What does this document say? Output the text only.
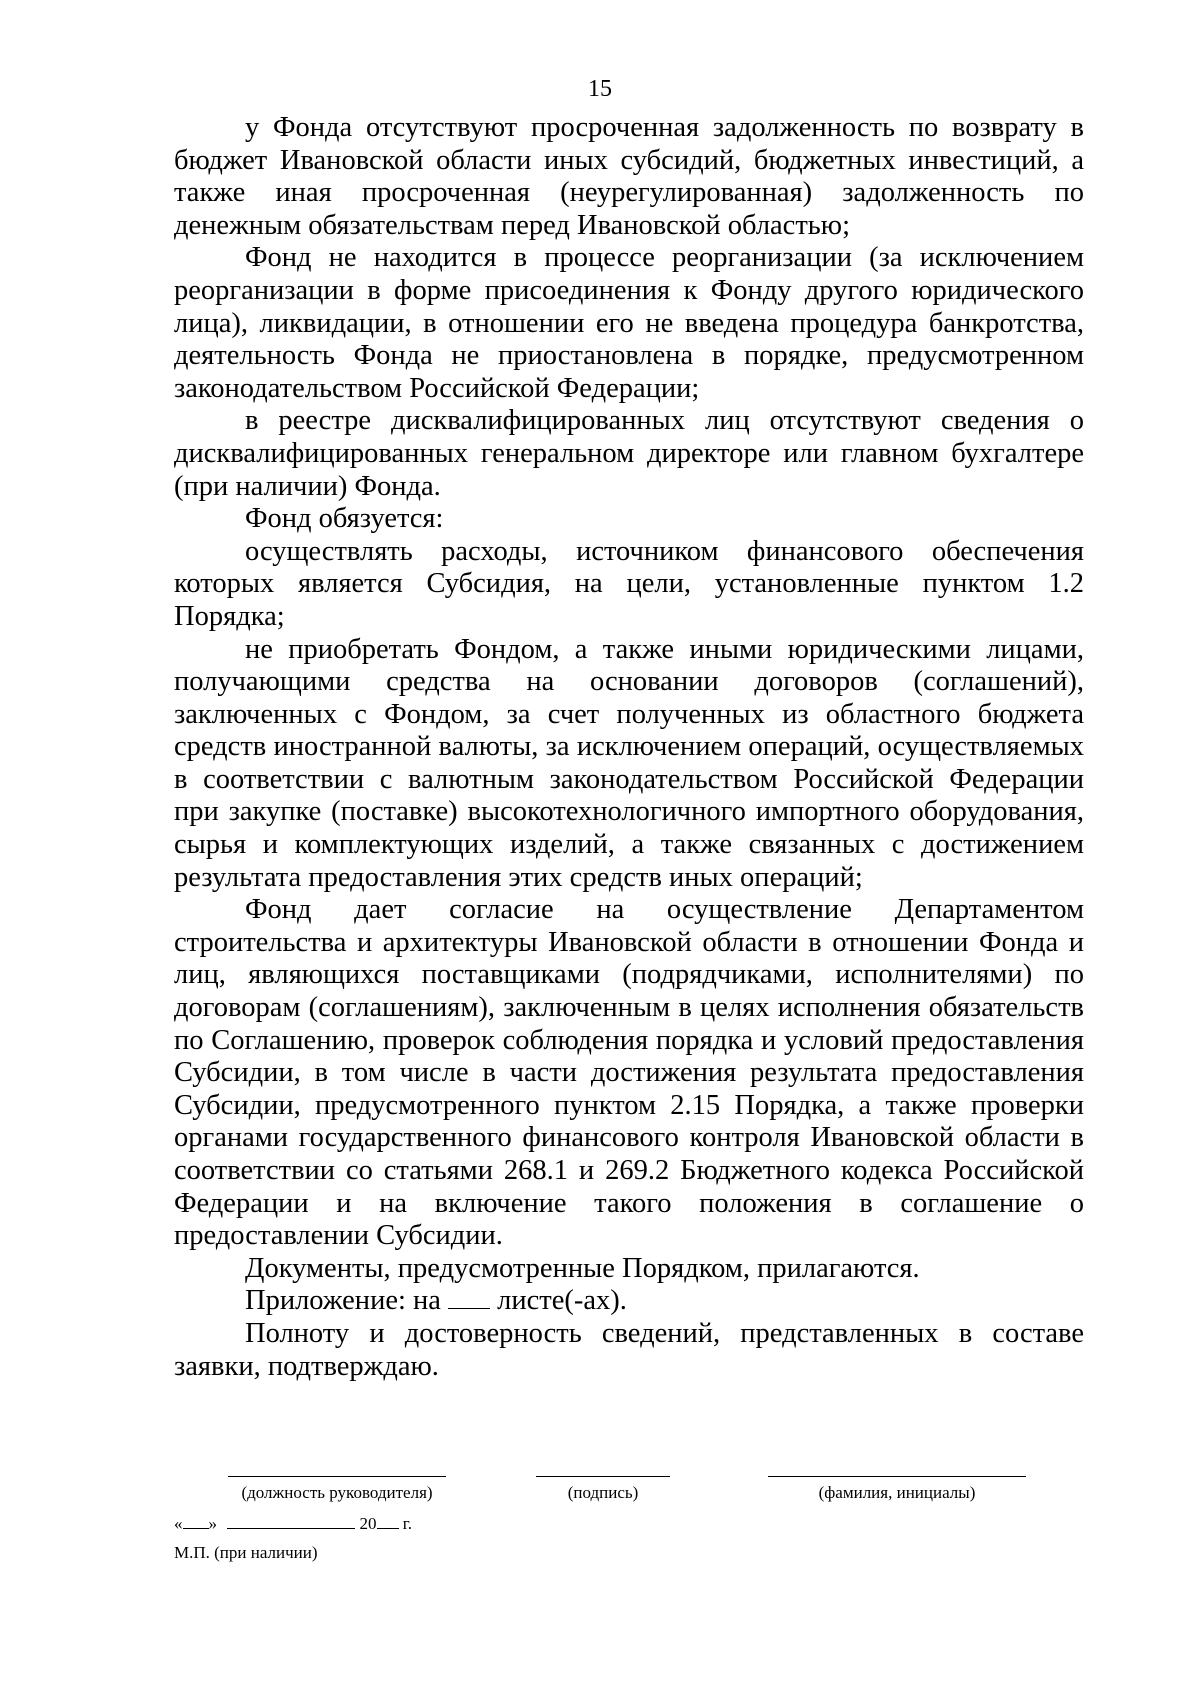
15

у Фонда отсутствуют просроченная задолженность по возврату в бюджет Ивановской области иных субсидий, бюджетных инвестиций, а также иная просроченная (неурегулированная) задолженность по денежным обязательствам перед Ивановской областью;

Фонд не находится в процессе реорганизации (за исключением реорганизации в форме присоединения к Фонду другого юридического лица), ликвидации, в отношении его не введена процедура банкротства, деятельность Фонда не приостановлена в порядке, предусмотренном законодательством Российской Федерации;

в реестре дисквалифицированных лиц отсутствуют сведения о дисквалифицированных генеральном директоре или главном бухгалтере (при наличии) Фонда.

Фонд обязуется:

осуществлять расходы, источником финансового обеспечения которых является Субсидия, на цели, установленные пунктом 1.2 Порядка;

не приобретать Фондом, а также иными юридическими лицами, получающими средства на основании договоров (соглашений), заключенных с Фондом, за счет полученных из областного бюджета средств иностранной валюты, за исключением операций, осуществляемых в соответствии с валютным законодательством Российской Федерации при закупке (поставке) высокотехнологичного импортного оборудования, сырья и комплектующих изделий, а также связанных с достижением результата предоставления этих средств иных операций;

Фонд дает согласие на осуществление Департаментом строительства и архитектуры Ивановской области в отношении Фонда и лиц, являющихся поставщиками (подрядчиками, исполнителями) по договорам (соглашениям), заключенным в целях исполнения обязательств по Соглашению, проверок соблюдения порядка и условий предоставления Субсидии, в том числе в части достижения результата предоставления Субсидии, предусмотренного пунктом 2.15 Порядка, а также проверки органами государственного финансового контроля Ивановской области в соответствии со статьями 268.1 и 269.2 Бюджетного кодекса Российской Федерации и на включение такого положения в соглашение о предоставлении Субсидии.

Документы, предусмотренные Порядком, прилагаются.

Приложение: на листе(-ах).

Полноту и достоверность сведений, представленных в составе заявки, подтверждаю.

(должность руководителя)	(подпись)	(фамилия, инициалы)
« »	20 г.
М.П. (при наличии)
